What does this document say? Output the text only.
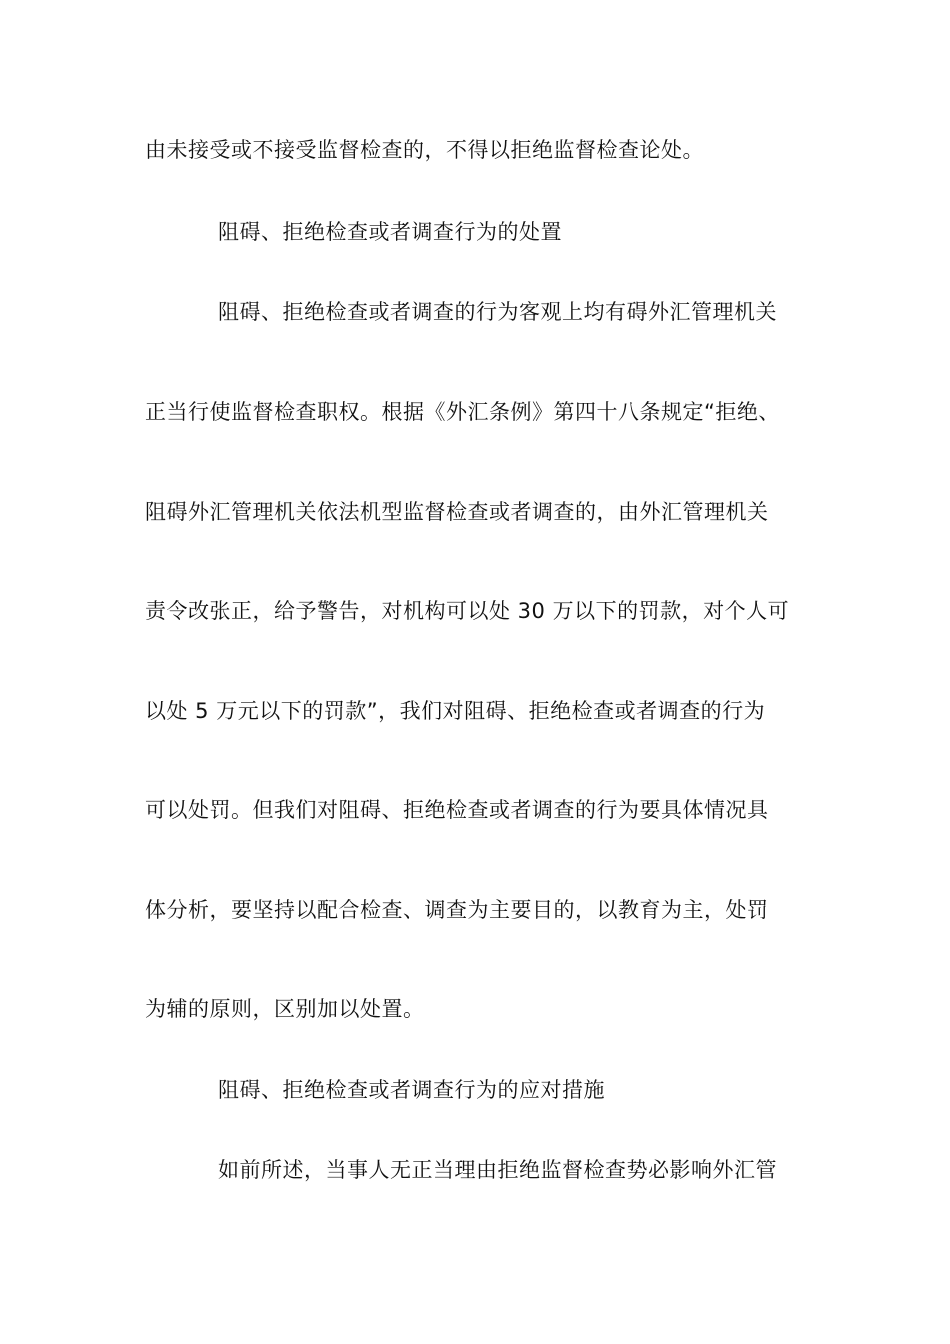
由未接受或不接受监督检查的，不得以拒绝监督检查论处。
阻碍、拒绝检查或者调查行为的处置
阻碍、拒绝检查或者调查的行为客观上均有碍外汇管理机关
正当行使监督检查职权。根据《外汇条例》第四十八条规定“拒绝、
阻碍外汇管理机关依法机型监督检查或者调查的，由外汇管理机关
责令改张正，给予警告，对机构可以处 30 万以下的罚款，对个人可
以处 5 万元以下的罚款”，我们对阻碍、拒绝检查或者调查的行为
可以处罚。但我们对阻碍、拒绝检查或者调查的行为要具体情况具
体分析，要坚持以配合检查、调查为主要目的，以教育为主，处罚
为辅的原则，区别加以处置。
阻碍、拒绝检查或者调查行为的应对措施
如前所述，当事人无正当理由拒绝监督检查势必影响外汇管
